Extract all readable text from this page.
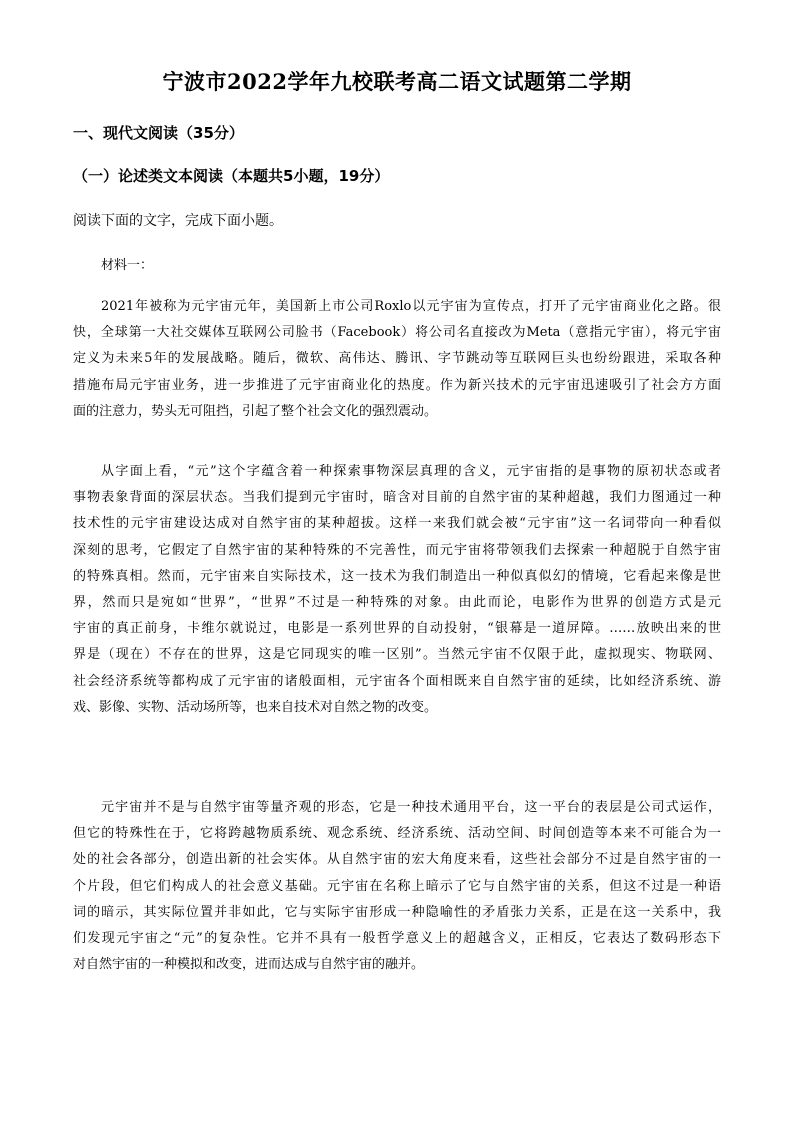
宁波市2022学年九校联考高二语文试题第二学期
一、现代文阅读（35分）
（一）论述类文本阅读（本题共5小题，19分）
阅读下面的文字，完成下面小题。
材料一：
2021年被称为元宇宙元年，美国新上市公司Roxlo以元宇宙为宣传点，打开了元宇宙商业化之路。很
快，全球第一大社交媒体互联网公司脸书（Facebook）将公司名直接改为Meta（意指元宇宙），将元宇宙
定义为未来5年的发展战略。随后，微软、高伟达、腾讯、字节跳动等互联网巨头也纷纷跟进，采取各种
措施布局元宇宙业务，进一步推进了元宇宙商业化的热度。作为新兴技术的元宇宙迅速吸引了社会方方面
面的注意力，势头无可阻挡，引起了整个社会文化的强烈震动。
从字面上看，“元”这个字蕴含着一种探索事物深层真理的含义，元宇宙指的是事物的原初状态或者
事物表象背面的深层状态。当我们提到元宇宙时，暗含对目前的自然宇宙的某种超越，我们力图通过一种
技术性的元宇宙建设达成对自然宇宙的某种超拔。这样一来我们就会被“元宇宙”这一名词带向一种看似
深刻的思考，它假定了自然宇宙的某种特殊的不完善性，而元宇宙将带领我们去探索一种超脱于自然宇宙
的特殊真相。然而，元宇宙来自实际技术，这一技术为我们制造出一种似真似幻的情境，它看起来像是世
界，然而只是宛如“世界”，“世界”不过是一种特殊的对象。由此而论，电影作为世界的创造方式是元
宇宙的真正前身，卡维尔就说过，电影是一系列世界的自动投射，“银幕是一道屏障。……放映出来的世
界是（现在）不存在的世界，这是它同现实的唯一区别”。当然元宇宙不仅限于此，虚拟现实、物联网、
社会经济系统等都构成了元宇宙的诸般面相，元宇宙各个面相既来自自然宇宙的延续，比如经济系统、游
戏、影像、实物、活动场所等，也来自技术对自然之物的改变。
元宇宙并不是与自然宇宙等量齐观的形态，它是一种技术通用平台，这一平台的表层是公司式运作，
但它的特殊性在于，它将跨越物质系统、观念系统、经济系统、活动空间、时间创造等本来不可能合为一
处的社会各部分，创造出新的社会实体。从自然宇宙的宏大角度来看，这些社会部分不过是自然宇宙的一
个片段，但它们构成人的社会意义基础。元宇宙在名称上暗示了它与自然宇宙的关系，但这不过是一种语
词的暗示，其实际位置并非如此，它与实际宇宙形成一种隐喻性的矛盾张力关系，正是在这一关系中，我
们发现元宇宙之“元”的复杂性。它并不具有一般哲学意义上的超越含义，正相反，它表达了数码形态下
对自然宇宙的一种模拟和改变，进而达成与自然宇宙的融并。
